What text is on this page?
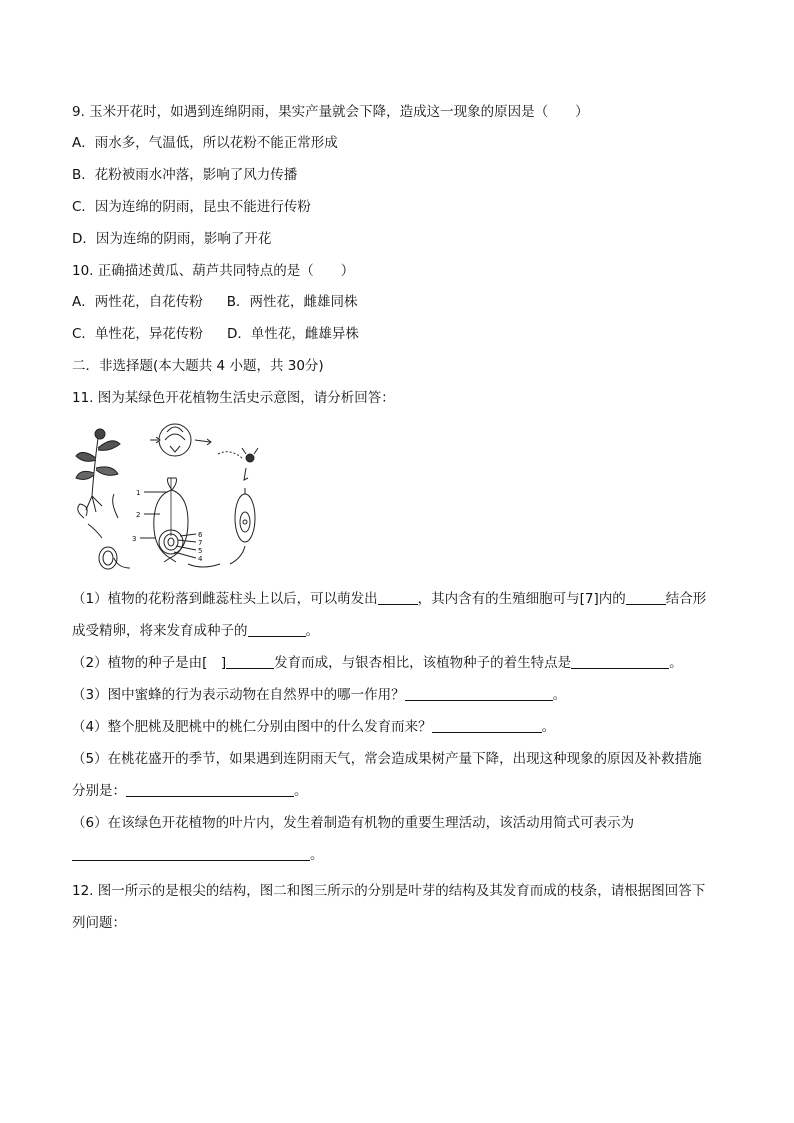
9. 玉米开花时，如遇到连绵阴雨，果实产量就会下降，造成这一现象的原因是（　　）
A．雨水多，气温低，所以花粉不能正常形成
B．花粉被雨水冲落，影响了风力传播
C．因为连绵的阴雨，昆虫不能进行传粉
D．因为连绵的阴雨，影响了开花
10. 正确描述黄瓜、葫芦共同特点的是（　　）
A．两性花，自花传粉 B．两性花，雌雄同株
C．单性花，异花传粉 D．单性花，雌雄异株
二．非选择题(本大题共 4 小题，共 30分)
11. 图为某绿色开花植物生活史示意图，请分析回答：
1
2
3
4
5
6
7
（1）植物的花粉落到雌蕊柱头上以后，可以萌发出	，其内含有的生殖细胞可与[7]内的	结合形
成受精卵，将来发育成种子的	。
（2）植物的种子是由[　]	发育而成，与银杏相比，该植物种子的着生特点是	。
（3）图中蜜蜂的行为表示动物在自然界中的哪一作用？	。
（4）整个肥桃及肥桃中的桃仁分别由图中的什么发育而来？	。
（5）在桃花盛开的季节，如果遇到连阴雨天气，常会造成果树产量下降，出现这种现象的原因及补救措施
分别是：	。
（6）在该绿色开花植物的叶片内，发生着制造有机物的重要生理活动，该活动用简式可表示为
。
12. 图一所示的是根尖的结构，图二和图三所示的分别是叶芽的结构及其发育而成的枝条，请根据图回答下
列问题：
